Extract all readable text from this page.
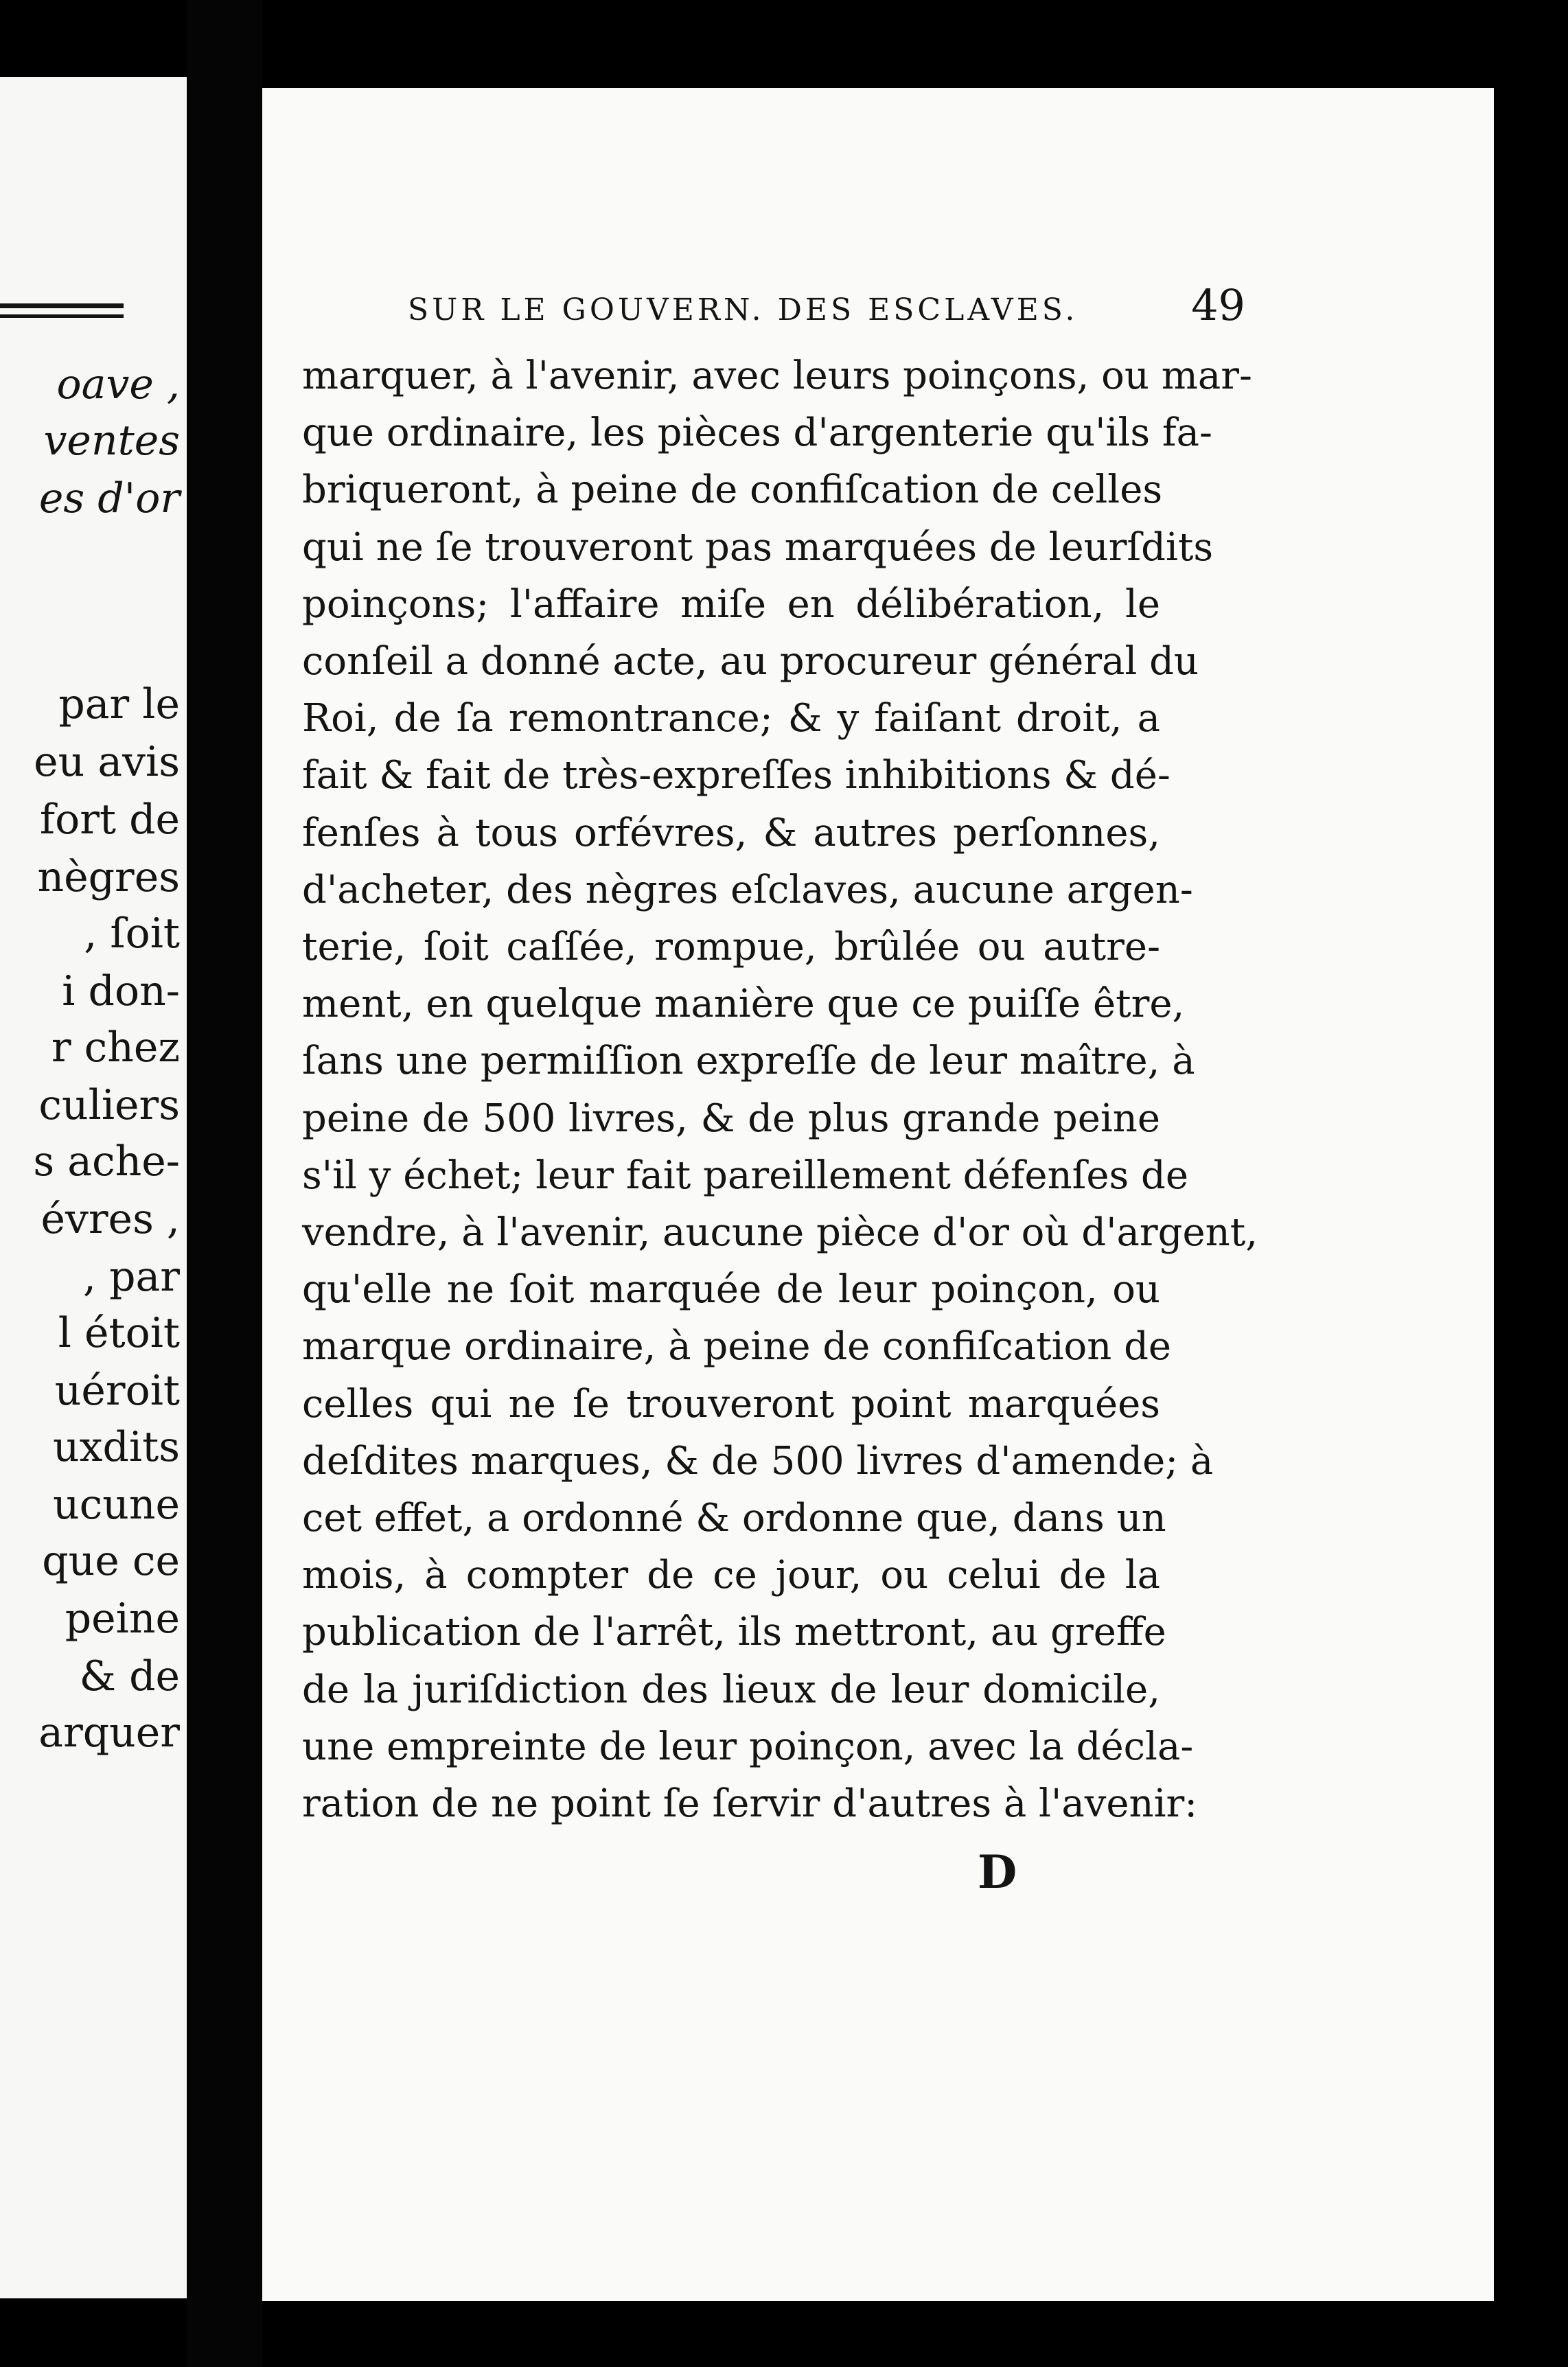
oave ,
ventes
es d'or
par le
eu avis
fort de
nègres
, ſoit
i don-
r chez
culiers
s ache-
évres ,
, par
l étoit
uéroit
uxdits
ucune
que ce
peine
& de
arquer
SUR LE GOUVERN. DES ESCLAVES.	49
marquer, à l'avenir, avec leurs poinçons, ou mar-
que ordinaire, les pièces d'argenterie qu'ils fa-
briqueront, à peine de confiſcation de celles
qui ne ſe trouveront pas marquées de leurſdits
poinçons; l'affaire miſe en délibération, le
conſeil a donné acte, au procureur général du
Roi, de ſa remontrance; & y faiſant droit, a
fait & fait de très-expreſſes inhibitions & dé-
fenſes à tous orfévres, & autres perſonnes,
d'acheter, des nègres eſclaves, aucune argen-
terie, ſoit caſſée, rompue, brûlée ou autre-
ment, en quelque manière que ce puiſſe être,
ſans une permiſſion expreſſe de leur maître, à
peine de 500 livres, & de plus grande peine
s'il y échet; leur fait pareillement défenſes de
vendre, à l'avenir, aucune pièce d'or où d'argent,
qu'elle ne ſoit marquée de leur poinçon, ou
marque ordinaire, à peine de confiſcation de
celles qui ne ſe trouveront point marquées
deſdites marques, & de 500 livres d'amende; à
cet effet, a ordonné & ordonne que, dans un
mois, à compter de ce jour, ou celui de la
publication de l'arrêt, ils mettront, au greffe
de la juriſdiction des lieux de leur domicile,
une empreinte de leur poinçon, avec la décla-
ration de ne point ſe ſervir d'autres à l'avenir:
D
